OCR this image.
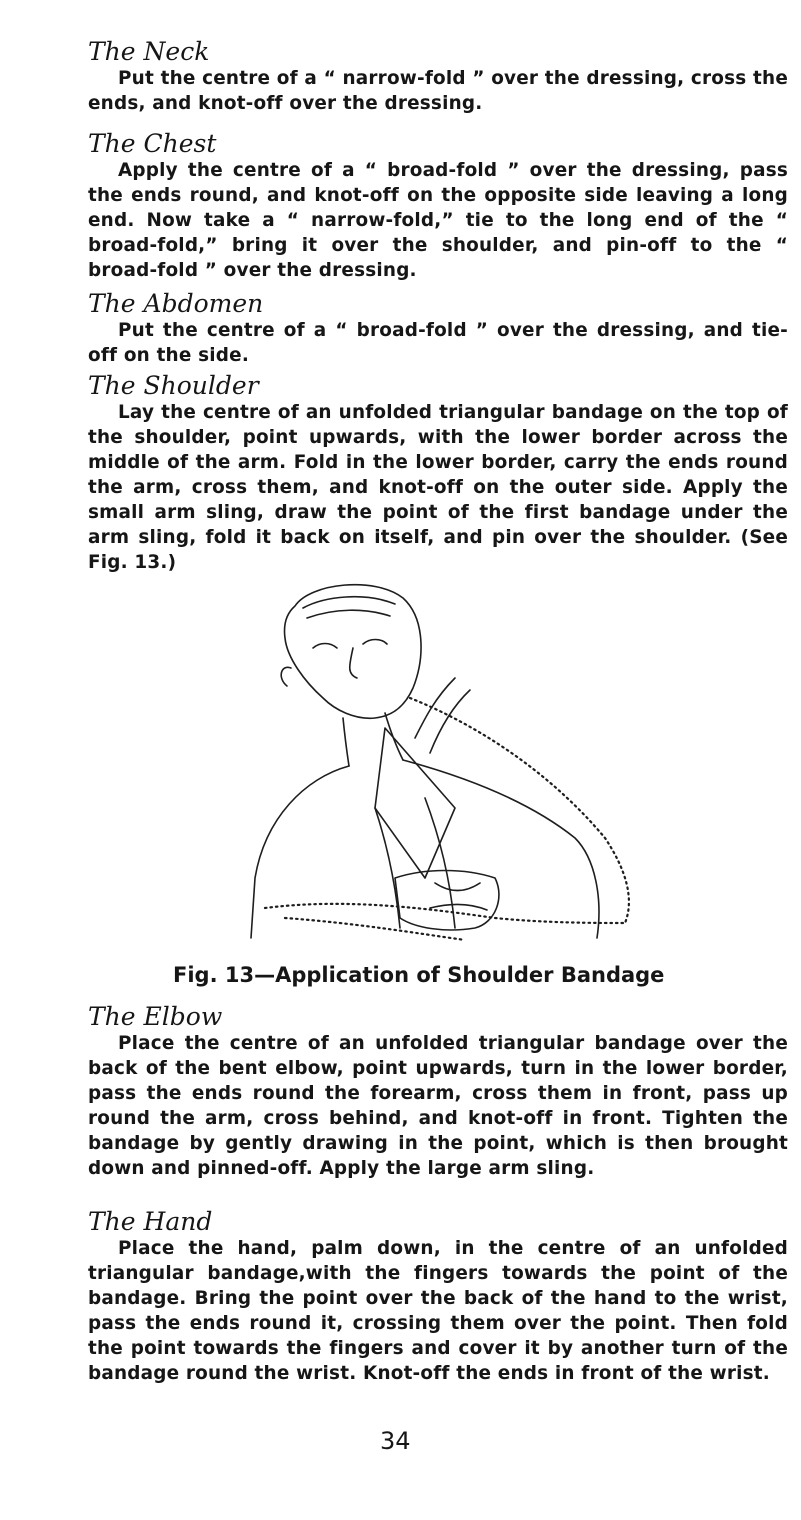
The Neck

Put the centre of a “ narrow-fold ” over the dressing, cross the ends, and knot-off over the dressing.

The Chest

Apply the centre of a “ broad-fold ” over the dressing, pass the ends round, and knot-off on the opposite side leaving a long end. Now take a “ narrow-fold,” tie to the long end of the “ broad-fold,” bring it over the shoulder, and pin-off to the “ broad-fold ” over the dressing.

The Abdomen

Put the centre of a “ broad-fold ” over the dressing, and tie-off on the side.

The Shoulder

Lay the centre of an unfolded triangular bandage on the top of the shoulder, point upwards, with the lower border across the middle of the arm. Fold in the lower border, carry the ends round the arm, cross them, and knot-off on the outer side. Apply the small arm sling, draw the point of the first bandage under the arm sling, fold it back on itself, and pin over the shoulder. (See Fig. 13.)

Fig. 13—Application of Shoulder Bandage

The Elbow

Place the centre of an unfolded triangular bandage over the back of the bent elbow, point upwards, turn in the lower border, pass the ends round the forearm, cross them in front, pass up round the arm, cross behind, and knot-off in front. Tighten the bandage by gently drawing in the point, which is then brought down and pinned-off. Apply the large arm sling.

The Hand

Place the hand, palm down, in the centre of an unfolded triangular bandage,with the fingers towards the point of the bandage. Bring the point over the back of the hand to the wrist, pass the ends round it, crossing them over the point. Then fold the point towards the fingers and cover it by another turn of the bandage round the wrist. Knot-off the ends in front of the wrist.

34
